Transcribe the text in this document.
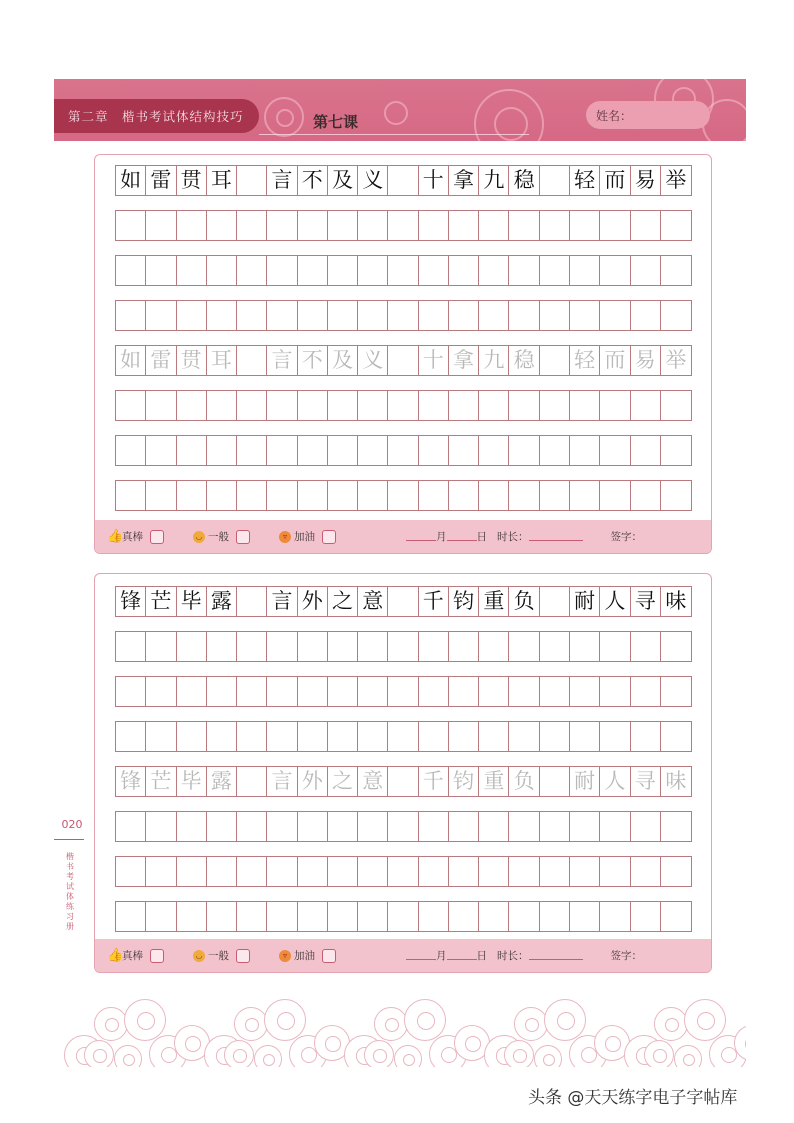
第二章　楷书考试体结构技巧	第七课	姓名：
如 雷 贯 耳 言 不 及 义 十 拿 九 稳 轻 而 易 举
如 雷 贯 耳 言 不 及 义 十 拿 九 稳 轻 而 易 举
👍
真棒	◡ 一般	▿ 加油	月	日 时长：	签字：
锋 芒 毕 露 言 外 之 意 千 钧 重 负 耐 人 寻 味
锋 芒 毕 露 言 外 之 意 千 钧 重 负 耐 人 寻 味
👍
真棒	◡ 一般	▿ 加油	月	日 时长：	签字：
020
楷书考试体练习册
头条 @天天练字电子字帖库
